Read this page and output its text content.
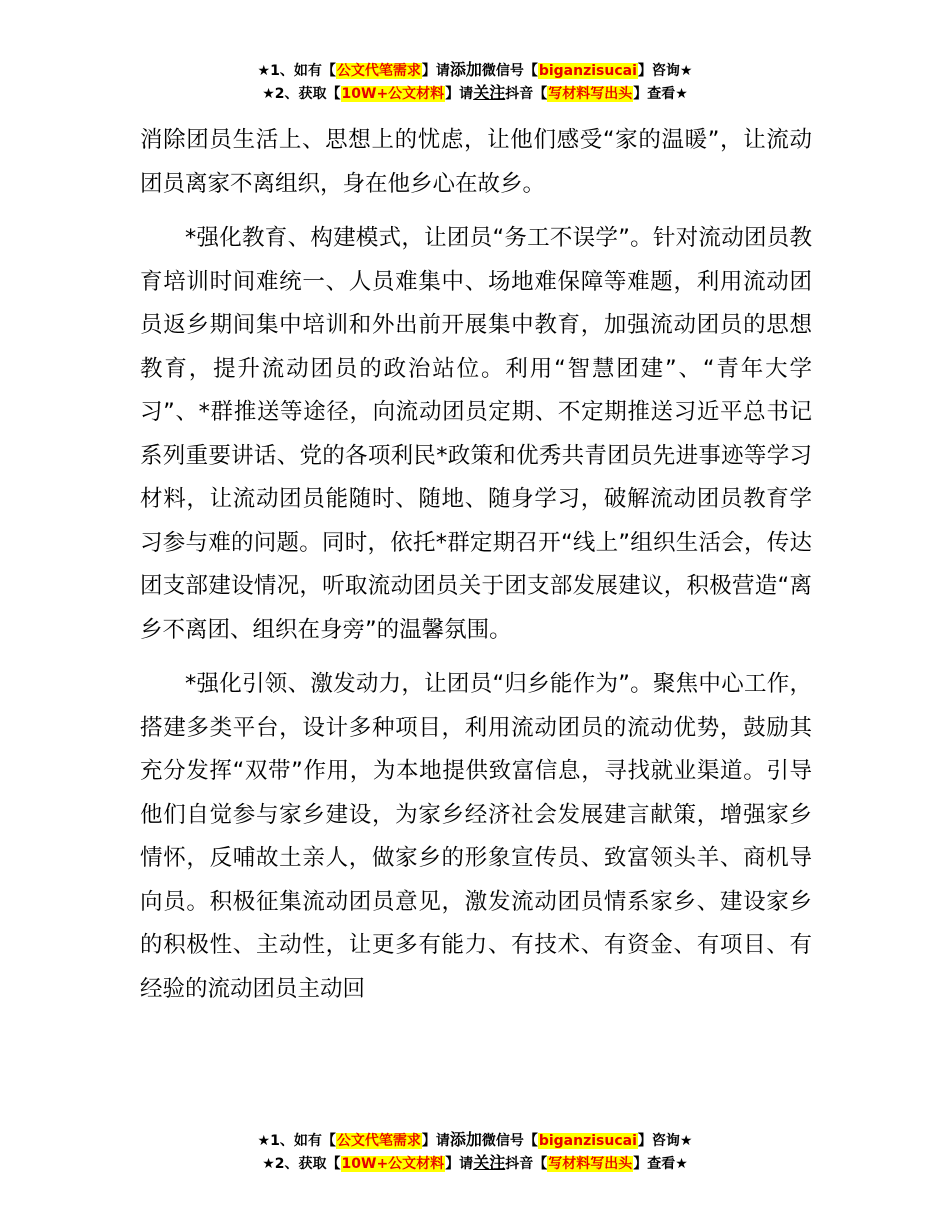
★1、如有【公文代笔需求】请添加微信号【biganzisucai】咨询★
★2、获取【10W+公文材料】请关注抖音【写材料写出头】查看★

消除团员生活上、思想上的忧虑，让他们感受“家的温暖”，让流动团员离家不离组织，身在他乡心在故乡。

*强化教育、构建模式，让团员“务工不误学”。针对流动团员教育培训时间难统一、人员难集中、场地难保障等难题，利用流动团员返乡期间集中培训和外出前开展集中教育，加强流动团员的思想教育，提升流动团员的政治站位。利用“智慧团建”、“青年大学习”、*群推送等途径，向流动团员定期、不定期推送习近平总书记系列重要讲话、党的各项利民*政策和优秀共青团员先进事迹等学习材料，让流动团员能随时、随地、随身学习，破解流动团员教育学习参与难的问题。同时，依托*群定期召开“线上”组织生活会，传达团支部建设情况，听取流动团员关于团支部发展建议，积极营造“离乡不离团、组织在身旁”的温馨氛围。

*强化引领、激发动力，让团员“归乡能作为”。聚焦中心工作，搭建多类平台，设计多种项目，利用流动团员的流动优势，鼓励其充分发挥“双带”作用，为本地提供致富信息，寻找就业渠道。引导他们自觉参与家乡建设，为家乡经济社会发展建言献策，增强家乡情怀，反哺故土亲人，做家乡的形象宣传员、致富领头羊、商机导向员。积极征集流动团员意见，激发流动团员情系家乡、建设家乡的积极性、主动性，让更多有能力、有技术、有资金、有项目、有经验的流动团员主动回

★1、如有【公文代笔需求】请添加微信号【biganzisucai】咨询★
★2、获取【10W+公文材料】请关注抖音【写材料写出头】查看★
